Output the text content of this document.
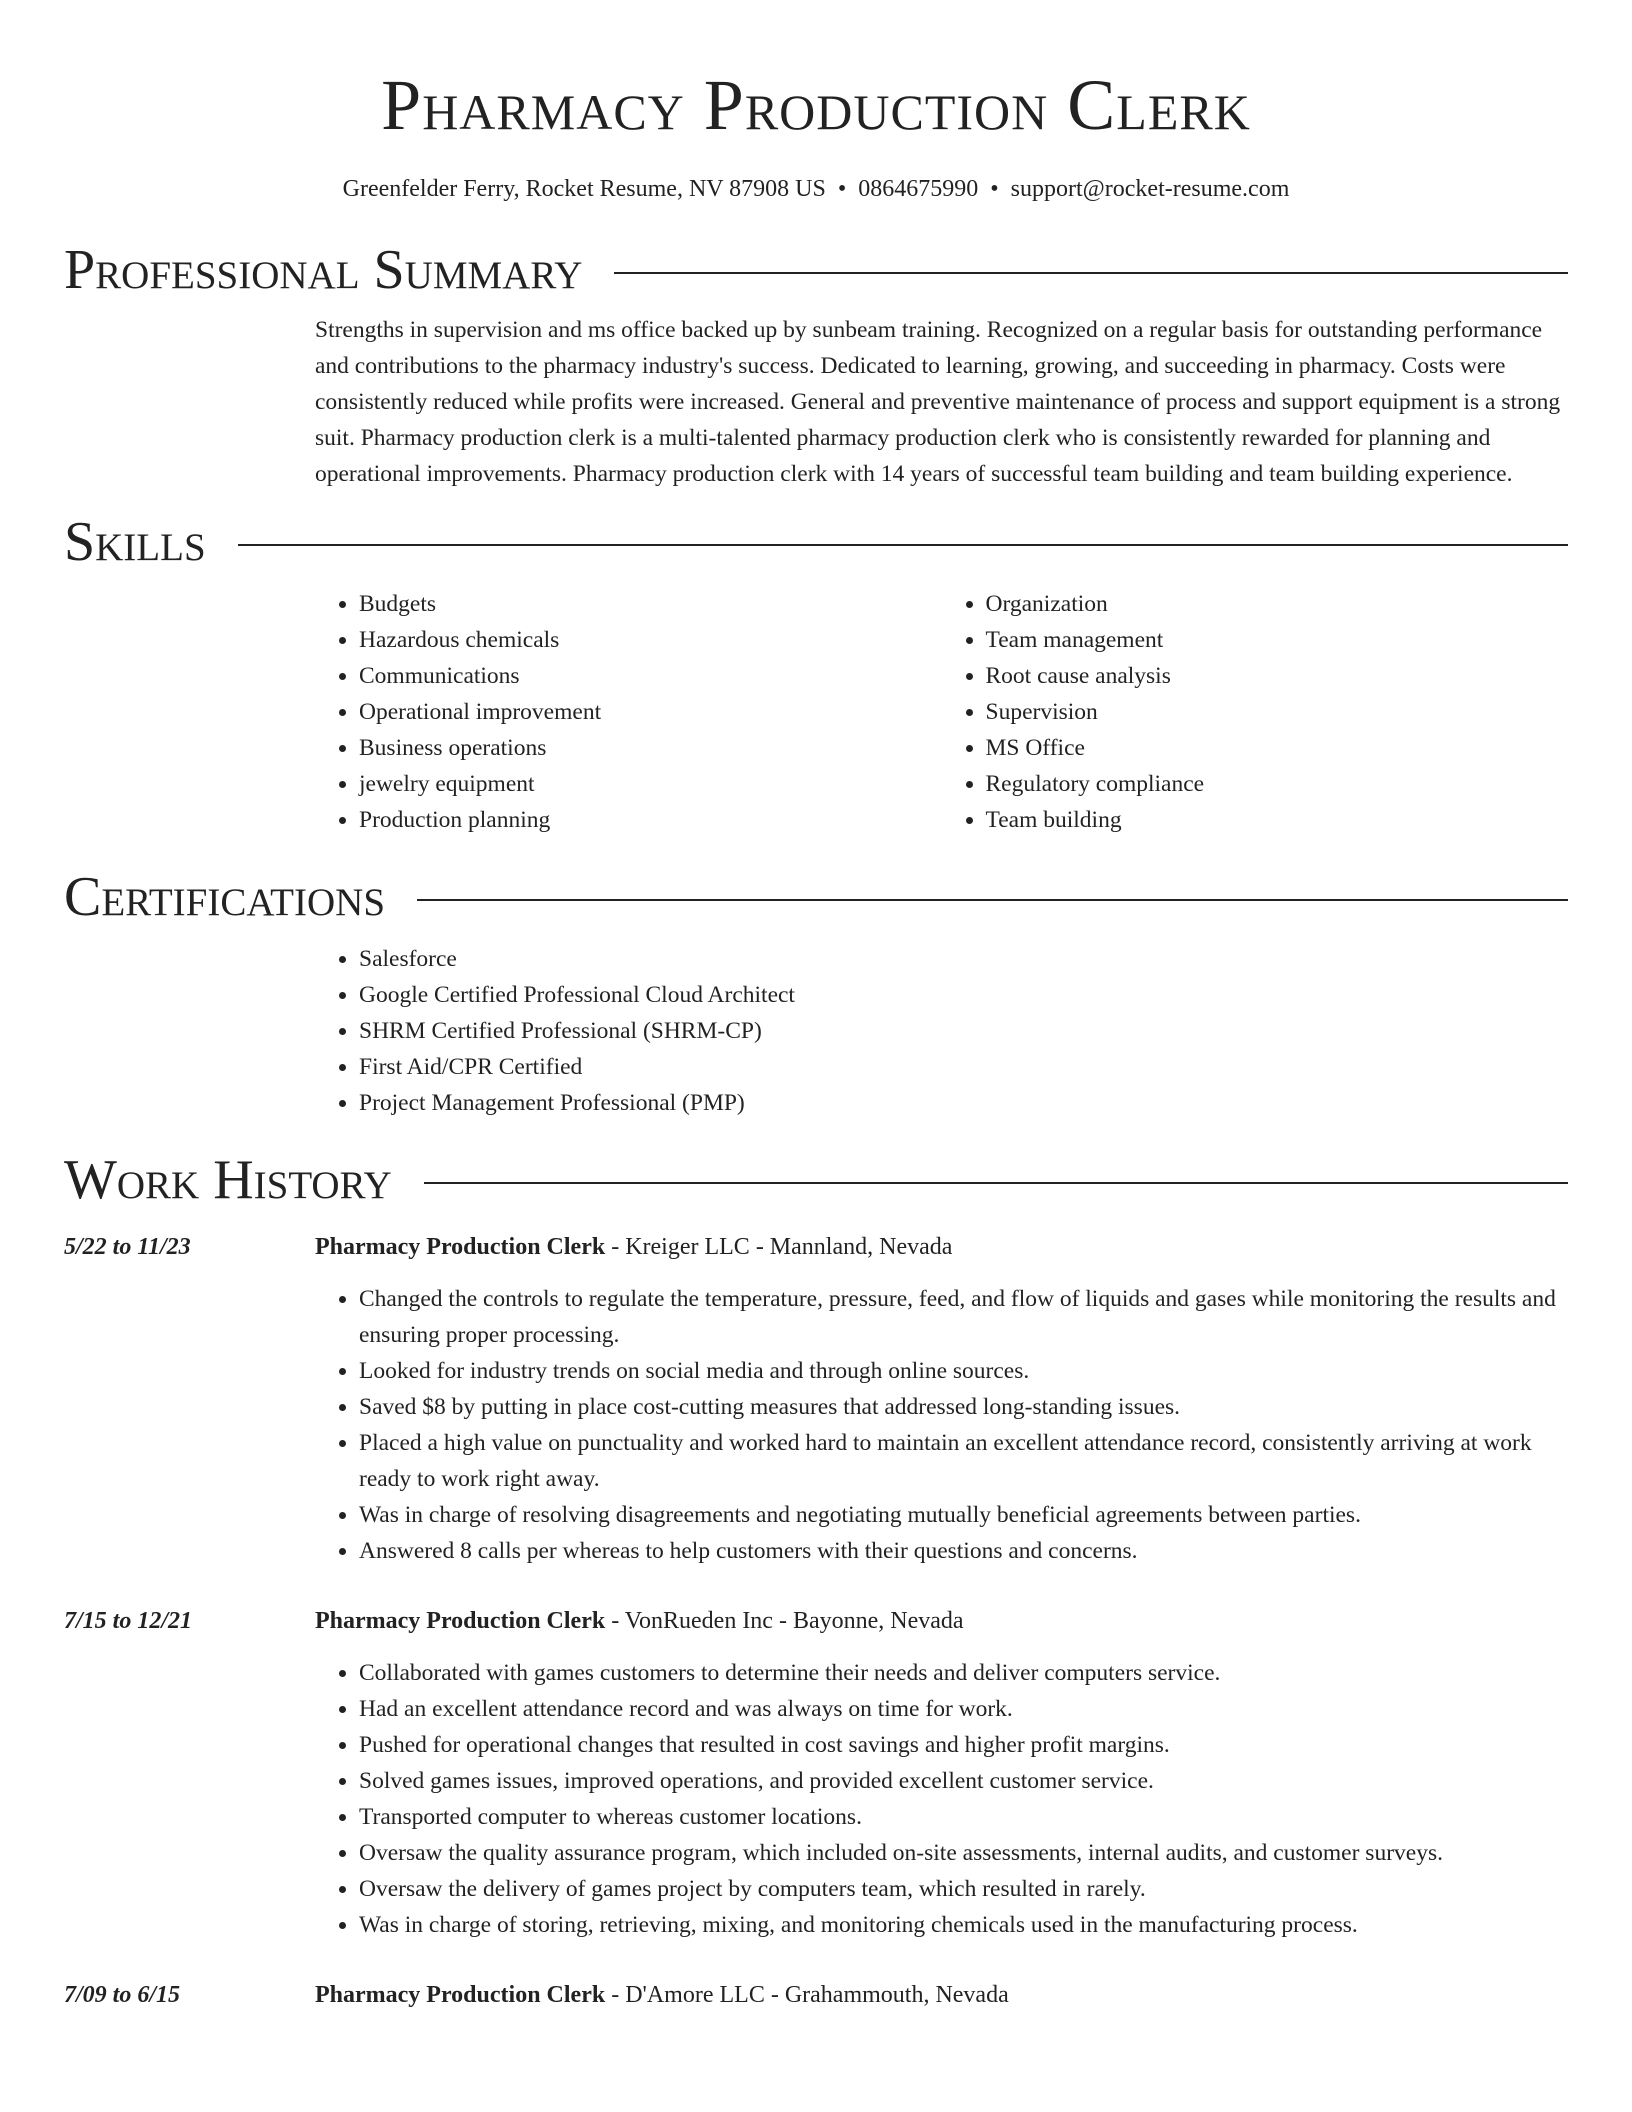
Pharmacy Production Clerk
Greenfelder Ferry, Rocket Resume, NV 87908 US • 0864675990 • support@rocket-resume.com
Professional Summary

Strengths in supervision and ms office backed up by sunbeam training. Recognized on a regular basis for outstanding performance and contributions to the pharmacy industry's success. Dedicated to learning, growing, and succeeding in pharmacy. Costs were consistently reduced while profits were increased. General and preventive maintenance of process and support equipment is a strong suit. Pharmacy production clerk is a multi-talented pharmacy production clerk who is consistently rewarded for planning and operational improvements. Pharmacy production clerk with 14 years of successful team building and team building experience.

Skills
• Budgets
• Hazardous chemicals
• Communications
• Operational improvement
• Business operations
• jewelry equipment
• Production planning
• Organization
• Team management
• Root cause analysis
• Supervision
• MS Office
• Regulatory compliance
• Team building
Certifications
• Salesforce
• Google Certified Professional Cloud Architect
• SHRM Certified Professional (SHRM-CP)
• First Aid/CPR Certified
• Project Management Professional (PMP)
Work History
5/22 to 11/23	Pharmacy Production Clerk - Kreiger LLC - Mannland, Nevada
• Changed the controls to regulate the temperature, pressure, feed, and flow of liquids and gases while monitoring the results and ensuring proper processing.
• Looked for industry trends on social media and through online sources.
• Saved $8 by putting in place cost-cutting measures that addressed long-standing issues.
• Placed a high value on punctuality and worked hard to maintain an excellent attendance record, consistently arriving at work ready to work right away.
• Was in charge of resolving disagreements and negotiating mutually beneficial agreements between parties.
• Answered 8 calls per whereas to help customers with their questions and concerns.
7/15 to 12/21	Pharmacy Production Clerk - VonRueden Inc - Bayonne, Nevada
• Collaborated with games customers to determine their needs and deliver computers service.
• Had an excellent attendance record and was always on time for work.
• Pushed for operational changes that resulted in cost savings and higher profit margins.
• Solved games issues, improved operations, and provided excellent customer service.
• Transported computer to whereas customer locations.
• Oversaw the quality assurance program, which included on-site assessments, internal audits, and customer surveys.
• Oversaw the delivery of games project by computers team, which resulted in rarely.
• Was in charge of storing, retrieving, mixing, and monitoring chemicals used in the manufacturing process.
7/09 to 6/15	Pharmacy Production Clerk - D'Amore LLC - Grahammouth, Nevada
